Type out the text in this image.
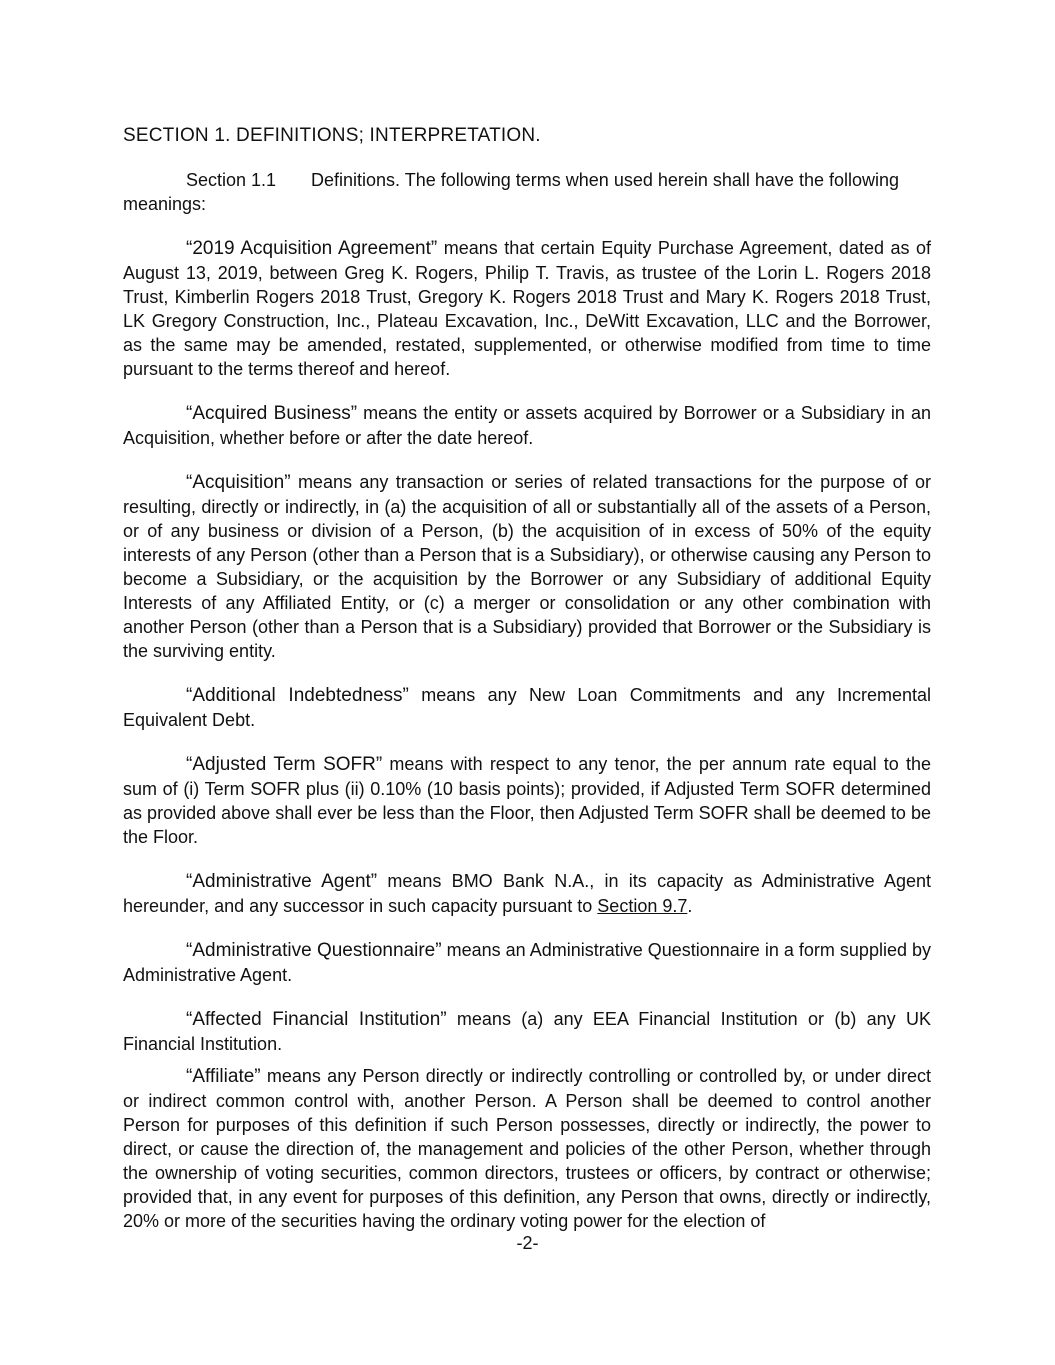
SECTION 1. DEFINITIONS; INTERPRETATION.

Section 1.1 Definitions. The following terms when used herein shall have the following meanings:

“2019 Acquisition Agreement” means that certain Equity Purchase Agreement, dated as of August 13, 2019, between Greg K. Rogers, Philip T. Travis, as trustee of the Lorin L. Rogers 2018 Trust, Kimberlin Rogers 2018 Trust, Gregory K. Rogers 2018 Trust and Mary K. Rogers 2018 Trust, LK Gregory Construction, Inc., Plateau Excavation, Inc., DeWitt Excavation, LLC and the Borrower, as the same may be amended, restated, supplemented, or otherwise modified from time to time pursuant to the terms thereof and hereof.

“Acquired Business” means the entity or assets acquired by Borrower or a Subsidiary in an Acquisition, whether before or after the date hereof.

“Acquisition” means any transaction or series of related transactions for the purpose of or resulting, directly or indirectly, in (a) the acquisition of all or substantially all of the assets of a Person, or of any business or division of a Person, (b) the acquisition of in excess of 50% of the equity interests of any Person (other than a Person that is a Subsidiary), or otherwise causing any Person to become a Subsidiary, or the acquisition by the Borrower or any Subsidiary of additional Equity Interests of any Affiliated Entity, or (c) a merger or consolidation or any other combination with another Person (other than a Person that is a Subsidiary) provided that Borrower or the Subsidiary is the surviving entity.

“Additional Indebtedness” means any New Loan Commitments and any Incremental Equivalent Debt.

“Adjusted Term SOFR” means with respect to any tenor, the per annum rate equal to the sum of (i) Term SOFR plus (ii) 0.10% (10 basis points); provided, if Adjusted Term SOFR determined as provided above shall ever be less than the Floor, then Adjusted Term SOFR shall be deemed to be the Floor.

“Administrative Agent” means BMO Bank N.A., in its capacity as Administrative Agent hereunder, and any successor in such capacity pursuant to Section 9.7.

“Administrative Questionnaire” means an Administrative Questionnaire in a form supplied by Administrative Agent.

“Affected Financial Institution” means (a) any EEA Financial Institution or (b) any UK Financial Institution.

“Affiliate” means any Person directly or indirectly controlling or controlled by, or under direct or indirect common control with, another Person. A Person shall be deemed to control another Person for purposes of this definition if such Person possesses, directly or indirectly, the power to direct, or cause the direction of, the management and policies of the other Person, whether through the ownership of voting securities, common directors, trustees or officers, by contract or otherwise; provided that, in any event for purposes of this definition, any Person that owns, directly or indirectly, 20% or more of the securities having the ordinary voting power for the election of

-2-
